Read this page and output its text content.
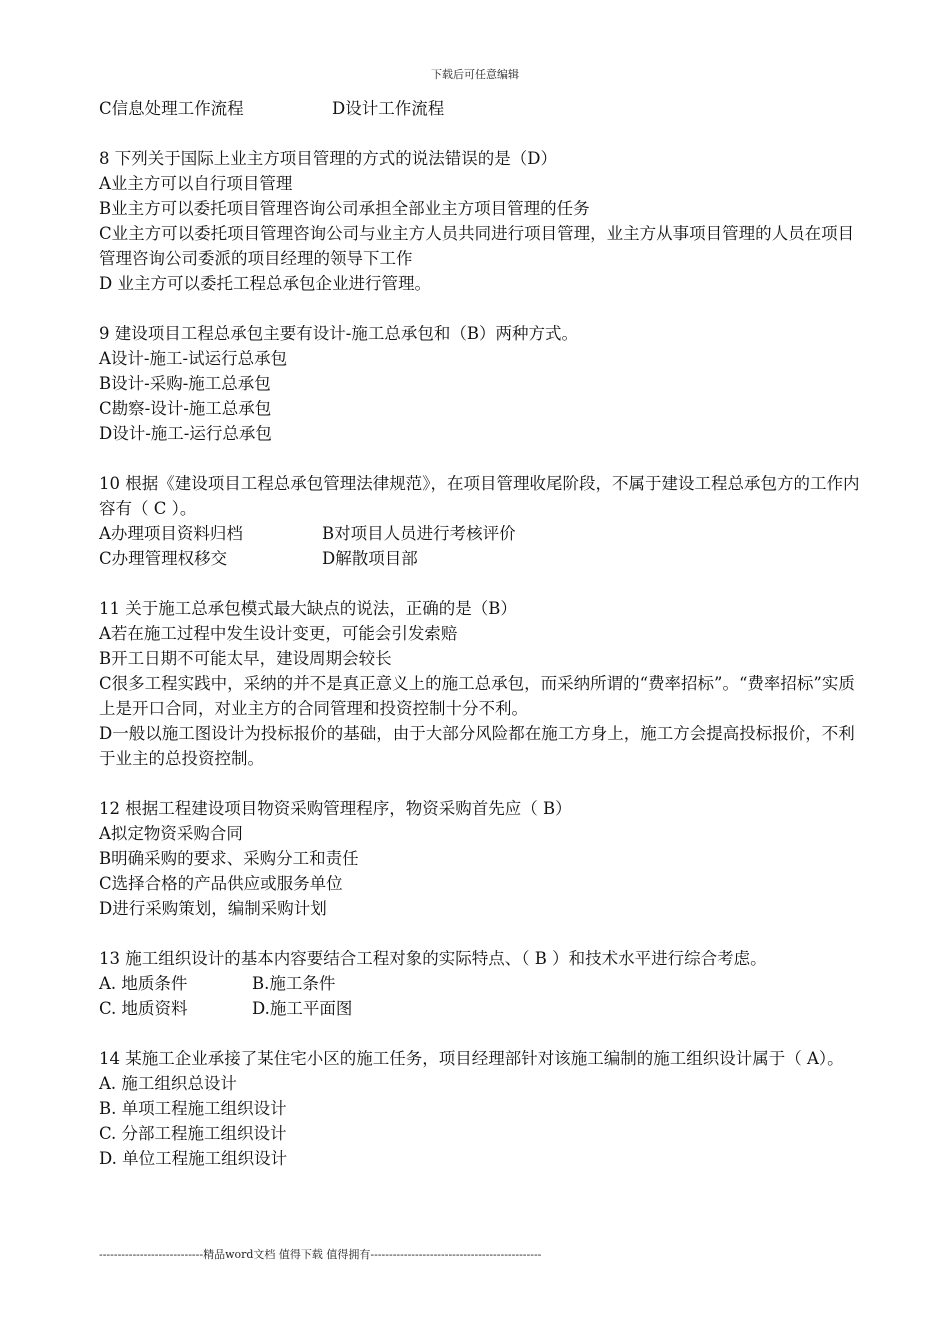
下载后可任意编辑
C信息处理工作流程	D设计工作流程
8 下列关于国际上业主方项目管理的方式的说法错误的是（D）
A业主方可以自行项目管理
B业主方可以委托项目管理咨询公司承担全部业主方项目管理的任务
C业主方可以委托项目管理咨询公司与业主方人员共同进行项目管理，业主方从事项目管理的人员在项目管理咨询公司委派的项目经理的领导下工作
D 业主方可以委托工程总承包企业进行管理。
9 建设项目工程总承包主要有设计-施工总承包和（B）两种方式。
A设计-施工-试运行总承包
B设计-采购-施工总承包
C勘察-设计-施工总承包
D设计-施工-运行总承包
10 根据《建设项目工程总承包管理法律规范》，在项目管理收尾阶段，不属于建设工程总承包方的工作内容有（ C ）。
A办理项目资料归档	B对项目人员进行考核评价
C办理管理权移交	D解散项目部
11 关于施工总承包模式最大缺点的说法，正确的是（B）
A若在施工过程中发生设计变更，可能会引发索赔
B开工日期不可能太早，建设周期会较长
C很多工程实践中，采纳的并不是真正意义上的施工总承包，而采纳所谓的“费率招标”。“费率招标”实质上是开口合同，对业主方的合同管理和投资控制十分不利。
D一般以施工图设计为投标报价的基础，由于大部分风险都在施工方身上，施工方会提高投标报价，不利于业主的总投资控制。
12 根据工程建设项目物资采购管理程序，物资采购首先应（ B）
A拟定物资采购合同
B明确采购的要求、采购分工和责任
C选择合格的产品供应或服务单位
D进行采购策划，编制采购计划
13 施工组织设计的基本内容要结合工程对象的实际特点、（ B ）和技术水平进行综合考虑。
A. 地质条件	B.施工条件
C. 地质资料	D.施工平面图
14 某施工企业承接了某住宅小区的施工任务，项目经理部针对该施工编制的施工组织设计属于（ A）。
A. 施工组织总设计
B. 单项工程施工组织设计
C. 分部工程施工组织设计
D. 单位工程施工组织设计
----------------------------精品word文档 值得下载 值得拥有----------------------------------------------
